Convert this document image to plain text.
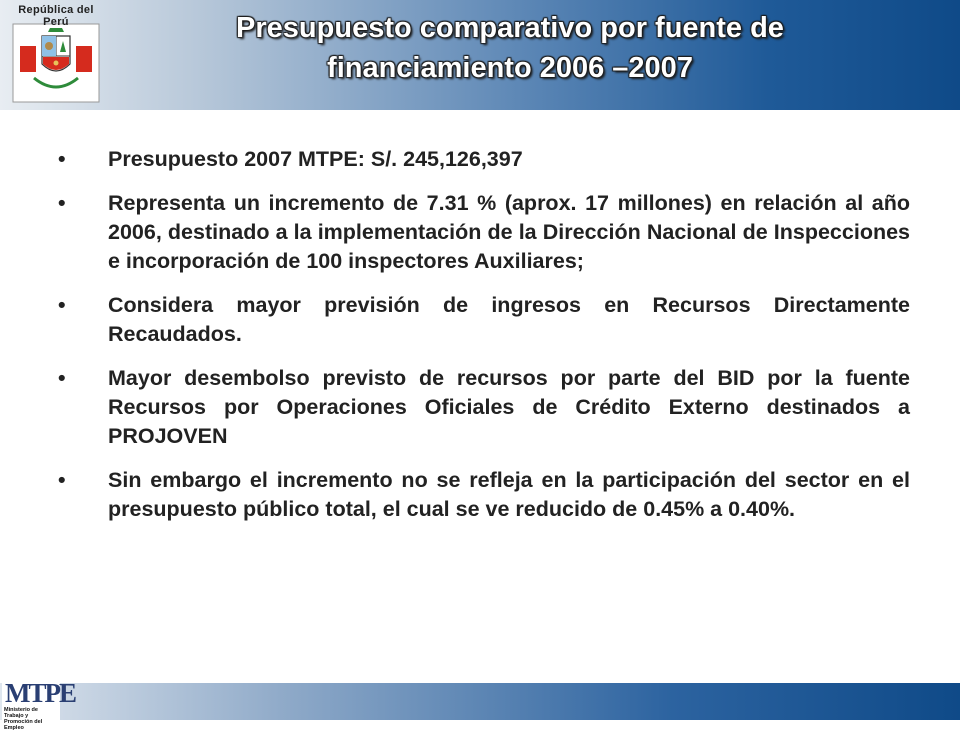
República del Perú	Presupuesto comparativo por fuente de
financiamiento 2006 –2007
• Presupuesto 2007 MTPE: S/. 245,126,397
• Representa un incremento de 7.31 % (aprox. 17 millones) en relación al año 2006, destinado a la implementación de la Dirección Nacional de Inspecciones e incorporación de 100 inspectores Auxiliares;
• Considera mayor previsión de ingresos en Recursos Directamente Recaudados.
• Mayor desembolso previsto de recursos por parte del BID por la fuente Recursos por Operaciones Oficiales de Crédito Externo destinados a PROJOVEN
• Sin embargo el incremento no se refleja en la participación del sector en el presupuesto público total, el cual se ve reducido de 0.45% a 0.40%.
MTPE
Ministerio de Trabajo y Promoción del Empleo
